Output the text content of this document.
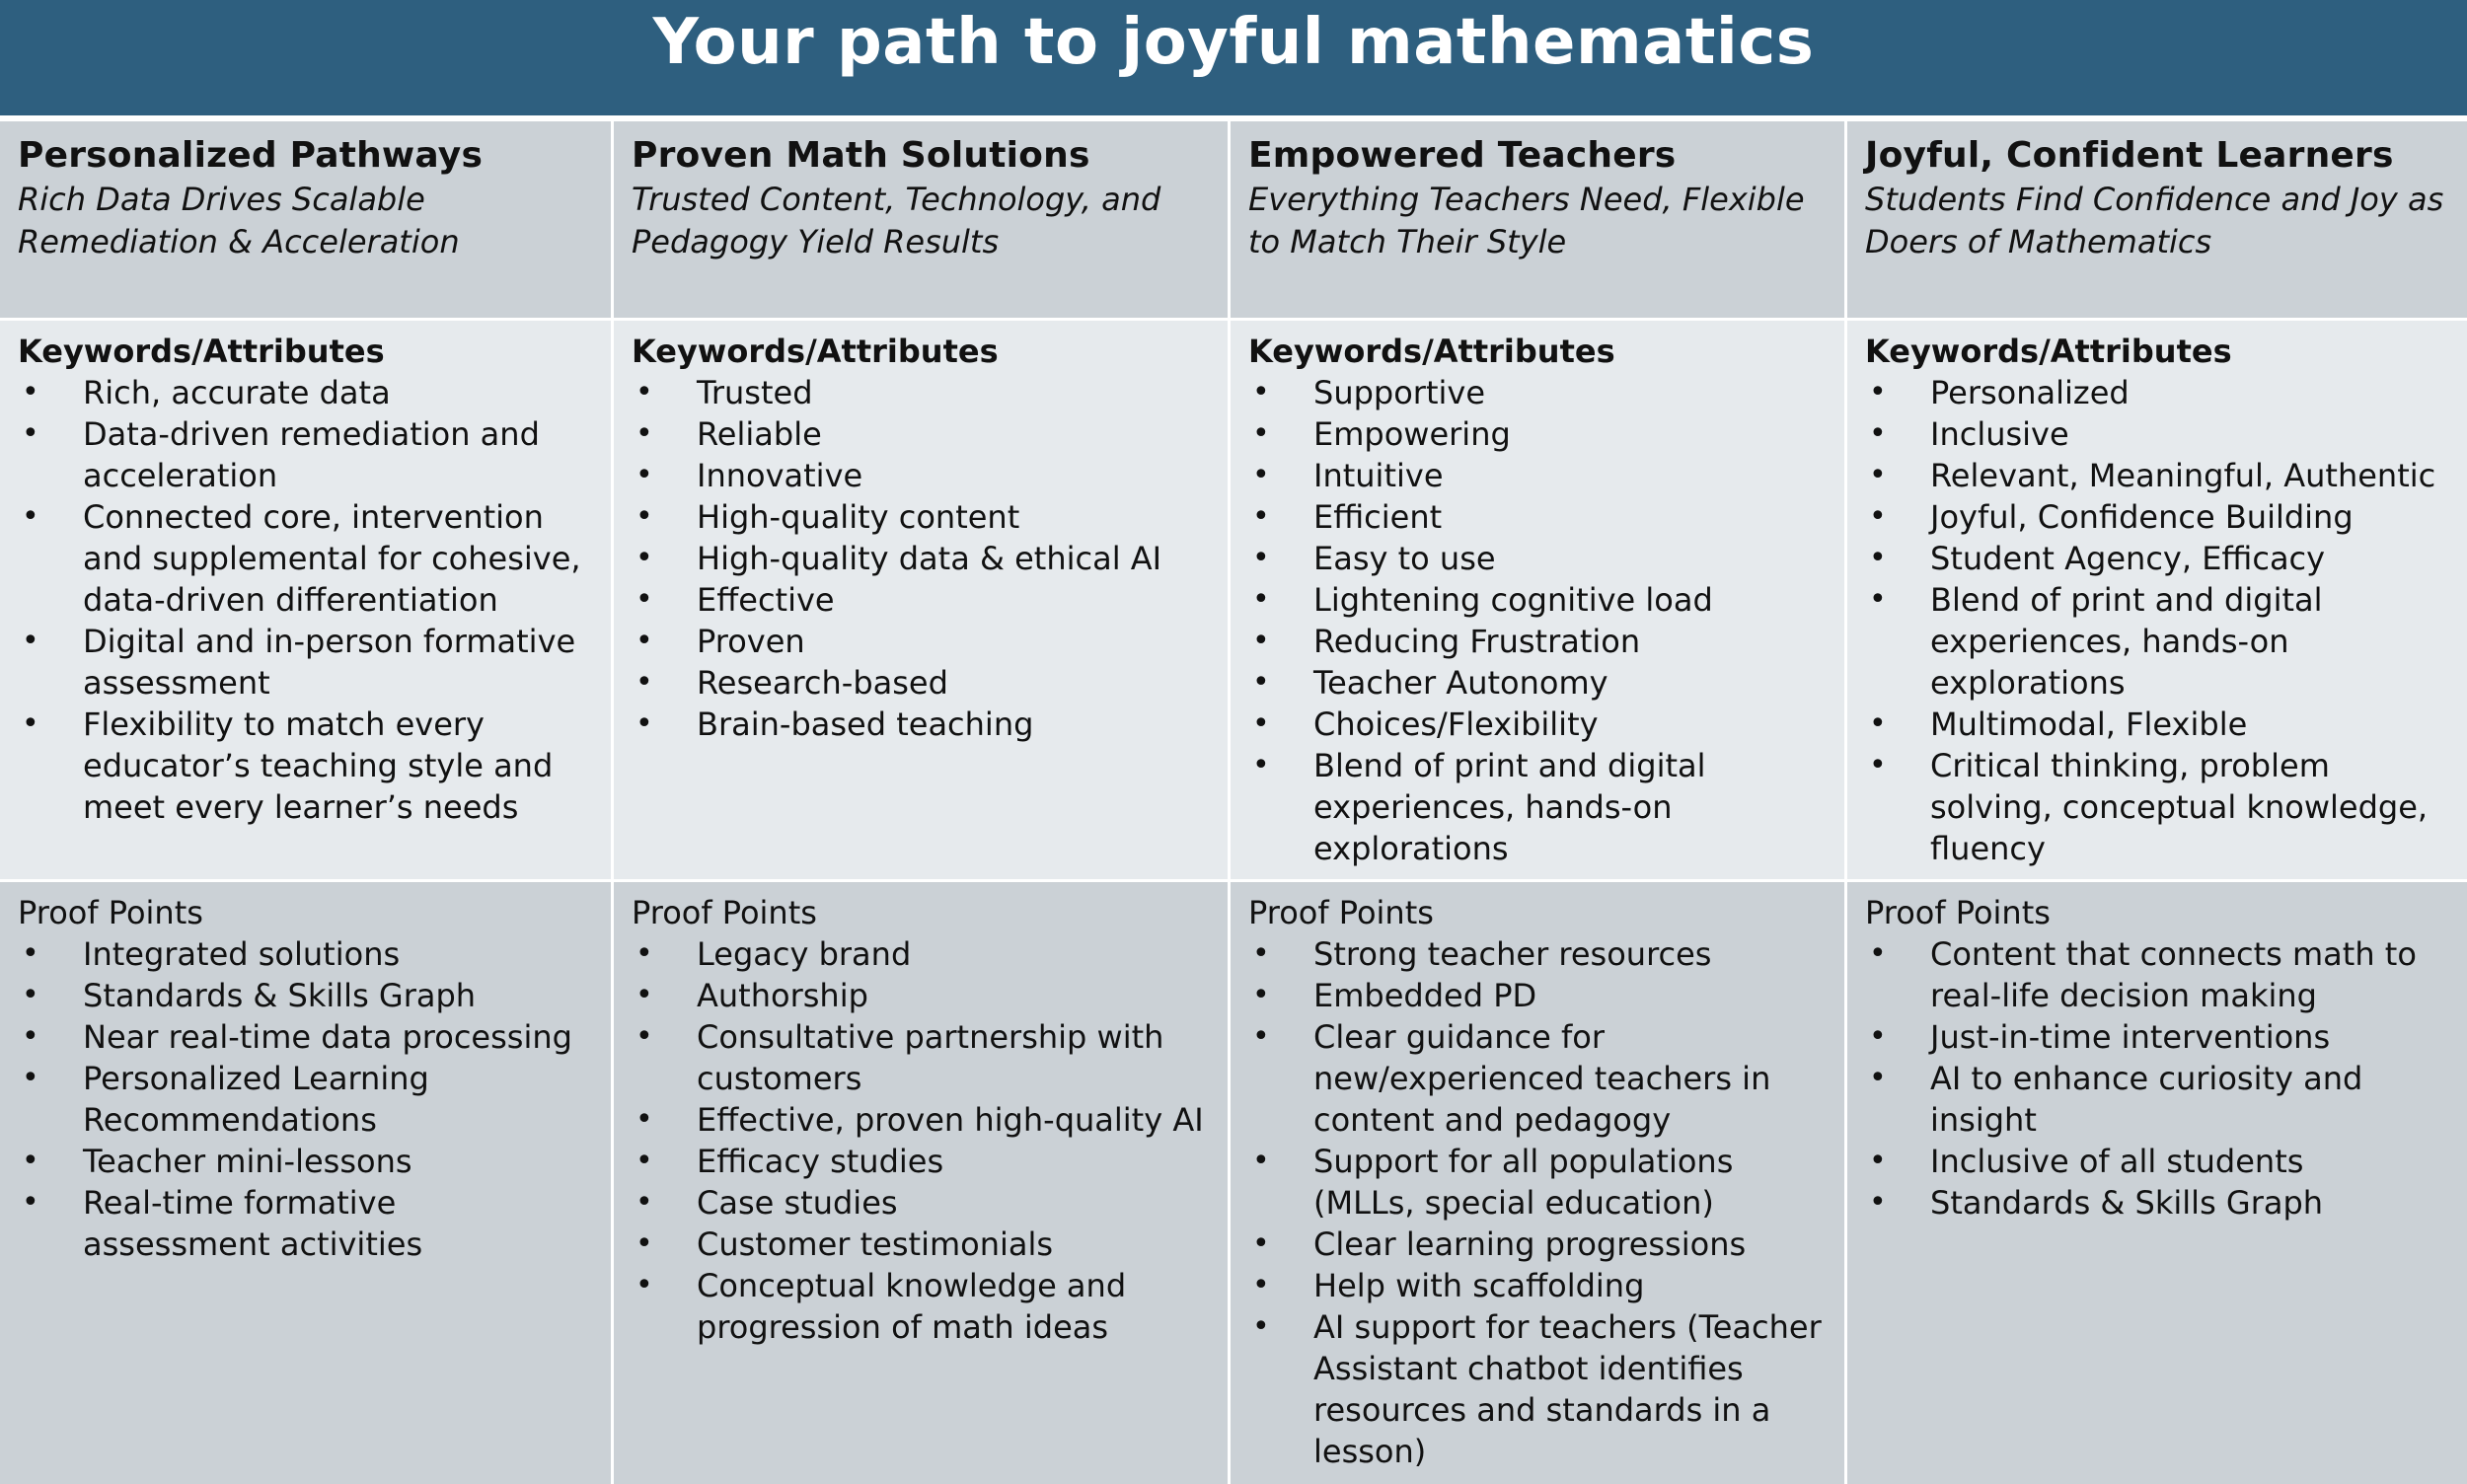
Your path to joyful mathematics
Personalized Pathways
Rich Data Drives Scalable Remediation & Acceleration
Proven Math Solutions
Trusted Content, Technology, and Pedagogy Yield Results
Empowered Teachers
Everything Teachers Need, Flexible to Match Their Style
Joyful, Confident Learners
Students Find Confidence and Joy as Doers of Mathematics
Keywords/Attributes
• Rich, accurate data
• Data-driven remediation and acceleration
• Connected core, intervention and supplemental for cohesive, data-driven differentiation
• Digital and in-person formative assessment
• Flexibility to match every educator’s teaching style and meet every learner’s needs
Keywords/Attributes
• Trusted
• Reliable
• Innovative
• High-quality content
• High-quality data & ethical AI
• Effective
• Proven
• Research-based
• Brain-based teaching
Keywords/Attributes
• Supportive
• Empowering
• Intuitive
• Efficient
• Easy to use
• Lightening cognitive load
• Reducing Frustration
• Teacher Autonomy
• Choices/Flexibility
• Blend of print and digital experiences, hands-on explorations
Keywords/Attributes
• Personalized
• Inclusive
• Relevant, Meaningful, Authentic
• Joyful, Confidence Building
• Student Agency, Efficacy
• Blend of print and digital experiences, hands-on explorations
• Multimodal, Flexible
• Critical thinking, problem solving, conceptual knowledge, fluency
Proof Points
• Integrated solutions
• Standards & Skills Graph
• Near real-time data processing
• Personalized Learning Recommendations
• Teacher mini-lessons
• Real-time formative assessment activities
Proof Points
• Legacy brand
• Authorship
• Consultative partnership with customers
• Effective, proven high-quality AI
• Efficacy studies
• Case studies
• Customer testimonials
• Conceptual knowledge and progression of math ideas
Proof Points
• Strong teacher resources
• Embedded PD
• Clear guidance for new/experienced teachers in content and pedagogy
• Support for all populations (MLLs, special education)
• Clear learning progressions
• Help with scaffolding
• AI support for teachers (Teacher Assistant chatbot identifies resources and standards in a lesson)
Proof Points
• Content that connects math to real-life decision making
• Just-in-time interventions
• AI to enhance curiosity and insight
• Inclusive of all students
• Standards & Skills Graph
